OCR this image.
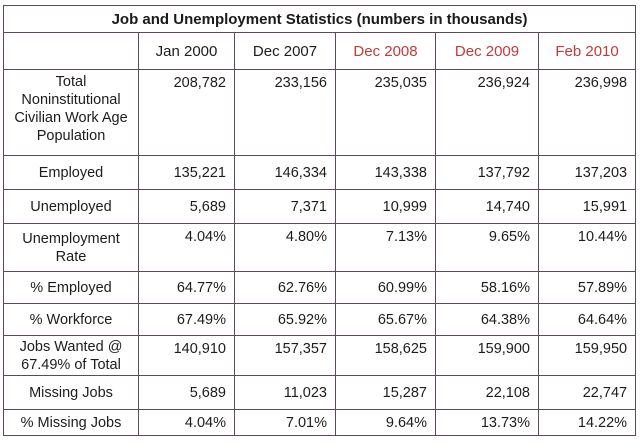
Job and Unemployment Statistics (numbers in thousands)					
	Jan 2000	Dec 2007	Dec 2008	Dec 2009	Feb 2010
Total Noninstitutional Civilian Work Age Population	208,782	233,156	235,035	236,924	236,998
Employed	135,221	146,334	143,338	137,792	137,203
Unemployed	5,689	7,371	10,999	14,740	15,991
Unemployment Rate	4.04%	4.80%	7.13%	9.65%	10.44%
% Employed	64.77%	62.76%	60.99%	58.16%	57.89%
% Workforce	67.49%	65.92%	65.67%	64.38%	64.64%
Jobs Wanted @ 67.49% of Total	140,910	157,357	158,625	159,900	159,950
Missing Jobs	5,689	11,023	15,287	22,108	22,747
% Missing Jobs	4.04%	7.01%	9.64%	13.73%	14.22%
